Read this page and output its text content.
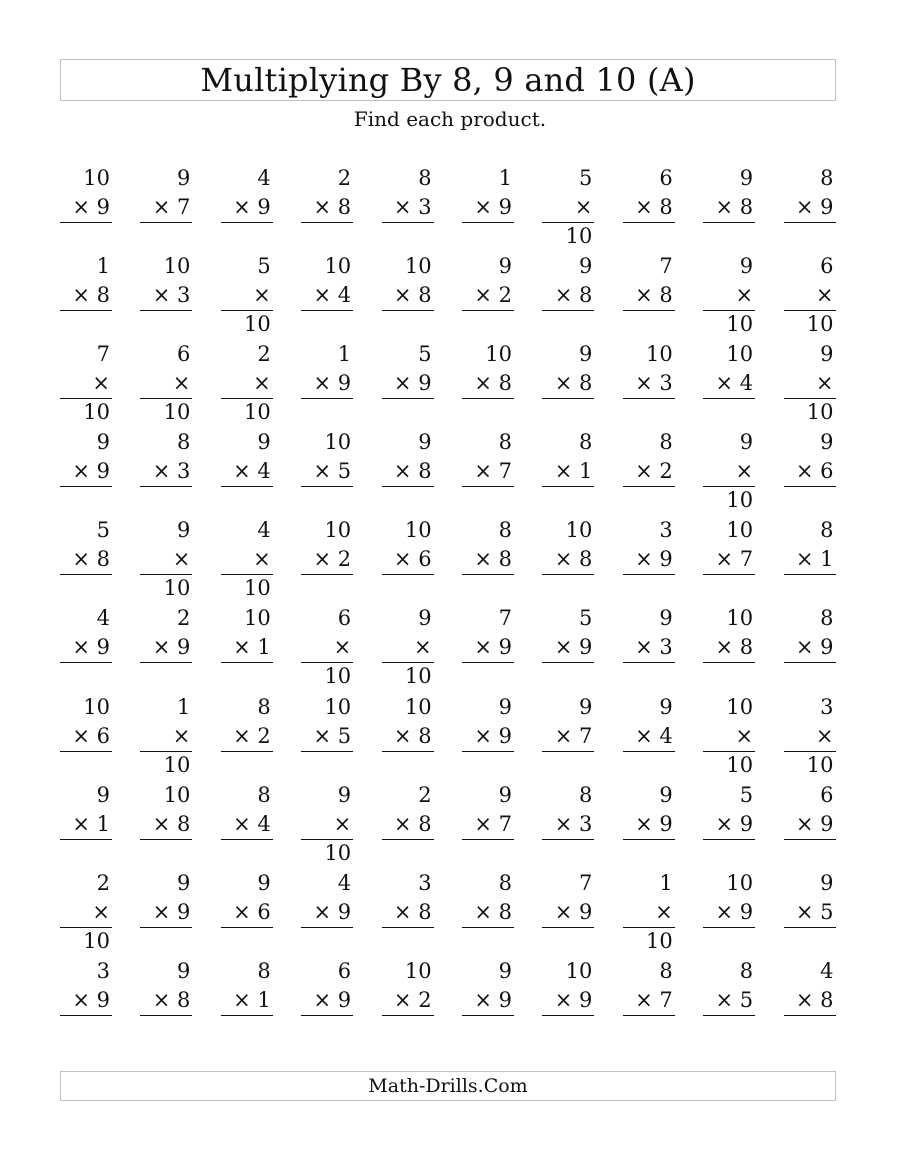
Multiplying By 8, 9 and 10 (A)
Find each product.
10
× 9
9
× 7
4
× 9
2
× 8
8
× 3
1
× 9
5
× 10
6
× 8
9
× 8
8
× 9
1
× 8
10
× 3
5
× 10
10
× 4
10
× 8
9
× 2
9
× 8
7
× 8
9
× 10
6
× 10
7
× 10
6
× 10
2
× 10
1
× 9
5
× 9
10
× 8
9
× 8
10
× 3
10
× 4
9
× 10
9
× 9
8
× 3
9
× 4
10
× 5
9
× 8
8
× 7
8
× 1
8
× 2
9
× 10
9
× 6
5
× 8
9
× 10
4
× 10
10
× 2
10
× 6
8
× 8
10
× 8
3
× 9
10
× 7
8
× 1
4
× 9
2
× 9
10
× 1
6
× 10
9
× 10
7
× 9
5
× 9
9
× 3
10
× 8
8
× 9
10
× 6
1
× 10
8
× 2
10
× 5
10
× 8
9
× 9
9
× 7
9
× 4
10
× 10
3
× 10
9
× 1
10
× 8
8
× 4
9
× 10
2
× 8
9
× 7
8
× 3
9
× 9
5
× 9
6
× 9
2
× 10
9
× 9
9
× 6
4
× 9
3
× 8
8
× 8
7
× 9
1
× 10
10
× 9
9
× 5
3
× 9
9
× 8
8
× 1
6
× 9
10
× 2
9
× 9
10
× 9
8
× 7
8
× 5
4
× 8
Math-Drills.Com
